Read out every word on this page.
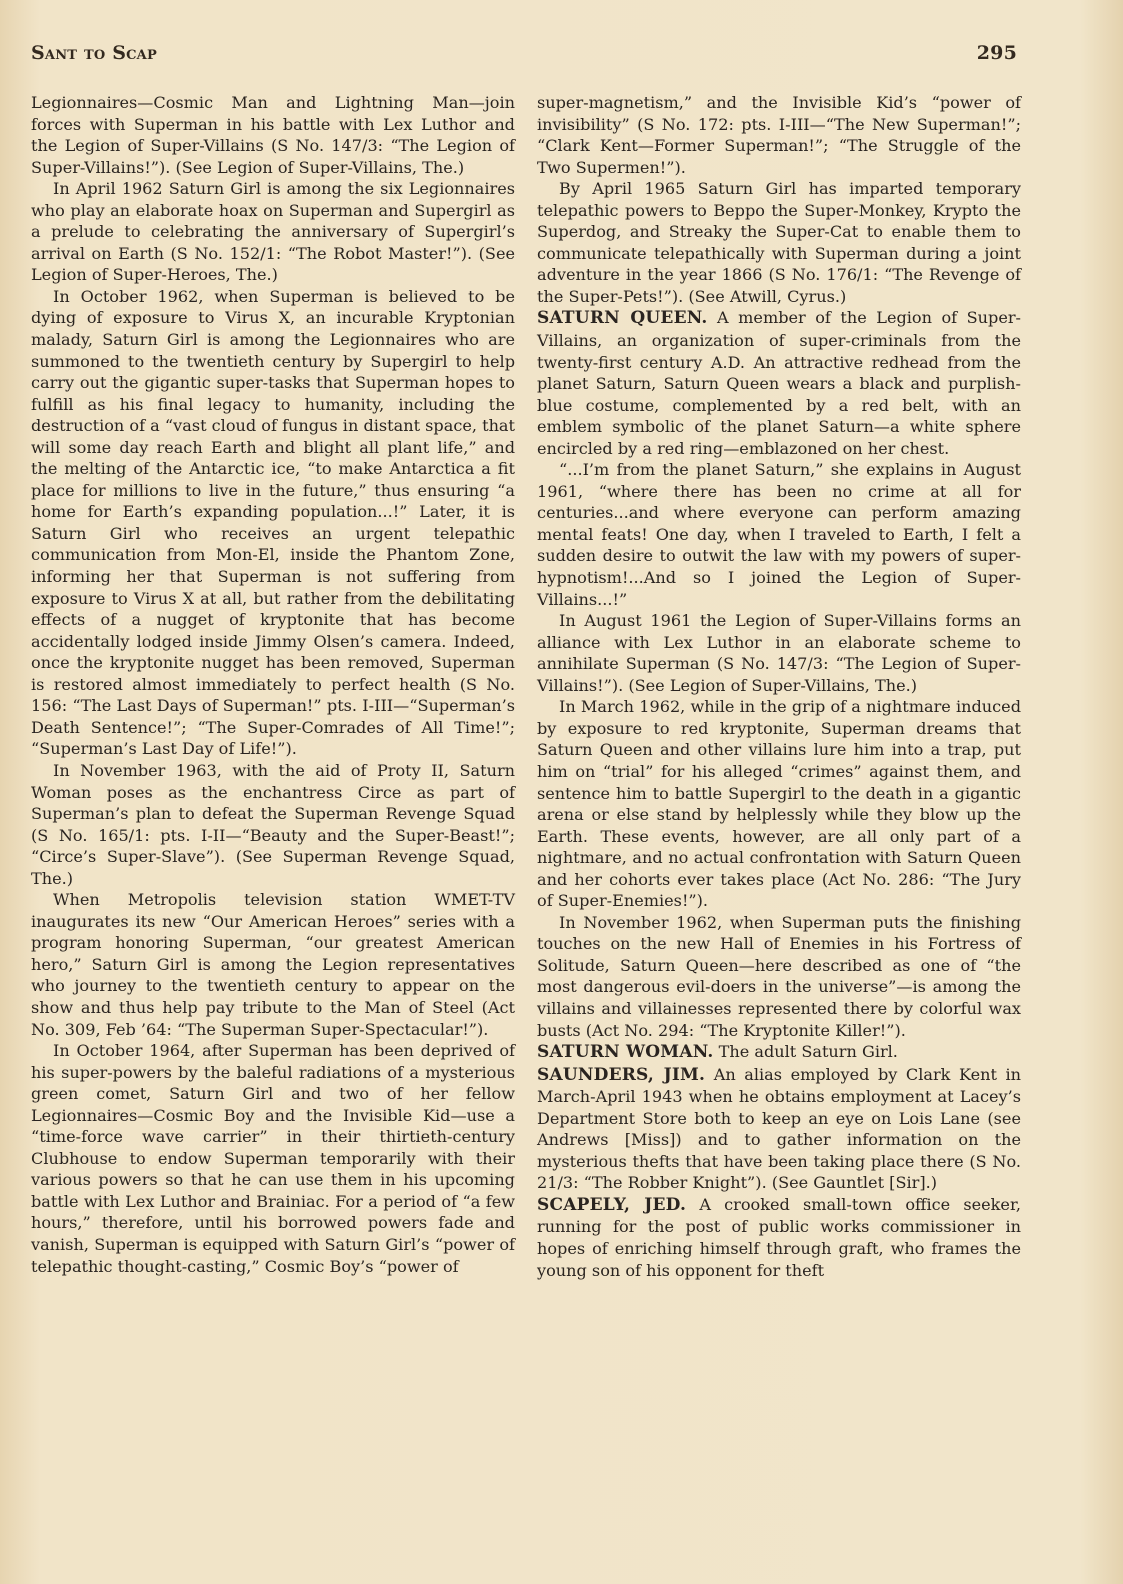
Sant to Scap	295

Legionnaires—Cosmic Man and Lightning Man—join forces with Superman in his battle with Lex Luthor and the Legion of Super-Villains (S No. 147/3: “The Legion of Super-Villains!”). (See Legion of Super-Villains, The.)

In April 1962 Saturn Girl is among the six Legionnaires who play an elaborate hoax on Superman and Supergirl as a prelude to celebrating the anniversary of Supergirl’s arrival on Earth (S No. 152/1: “The Robot Master!”). (See Legion of Super-Heroes, The.)

In October 1962, when Superman is believed to be dying of exposure to Virus X, an incurable Kryptonian malady, Saturn Girl is among the Legionnaires who are summoned to the twentieth century by Supergirl to help carry out the gigantic super-tasks that Superman hopes to fulfill as his final legacy to humanity, including the destruction of a “vast cloud of fungus in distant space, that will some day reach Earth and blight all plant life,” and the melting of the Antarctic ice, “to make Antarctica a fit place for millions to live in the future,” thus ensuring “a home for Earth’s expanding population...!” Later, it is Saturn Girl who receives an urgent telepathic communication from Mon-El, inside the Phantom Zone, informing her that Superman is not suffering from exposure to Virus X at all, but rather from the debilitating effects of a nugget of kryptonite that has become accidentally lodged inside Jimmy Olsen’s camera. Indeed, once the kryptonite nugget has been removed, Superman is restored almost immediately to perfect health (S No. 156: “The Last Days of Superman!” pts. I-III—“Superman’s Death Sentence!”; “The Super-Comrades of All Time!”; “Superman’s Last Day of Life!”).

In November 1963, with the aid of Proty II, Saturn Woman poses as the enchantress Circe as part of Superman’s plan to defeat the Superman Revenge Squad (S No. 165/1: pts. I-II—“Beauty and the Super-Beast!”; “Circe’s Super-Slave”). (See Superman Revenge Squad, The.)

When Metropolis television station WMET-TV inaugurates its new “Our American Heroes” series with a program honoring Superman, “our greatest American hero,” Saturn Girl is among the Legion representatives who journey to the twentieth century to appear on the show and thus help pay tribute to the Man of Steel (Act No. 309, Feb ’64: “The Superman Super-Spectacular!”).

In October 1964, after Superman has been deprived of his super-powers by the baleful radiations of a mysterious green comet, Saturn Girl and two of her fellow Legionnaires—Cosmic Boy and the Invisible Kid—use a “time-force wave carrier” in their thirtieth-century Clubhouse to endow Superman temporarily with their various powers so that he can use them in his upcoming battle with Lex Luthor and Brainiac. For a period of “a few hours,” therefore, until his borrowed powers fade and vanish, Superman is equipped with Saturn Girl’s “power of telepathic thought-casting,” Cosmic Boy’s “power of

super-magnetism,” and the Invisible Kid’s “power of invisibility” (S No. 172: pts. I-III—“The New Superman!”; “Clark Kent—Former Superman!”; “The Struggle of the Two Supermen!”).

By April 1965 Saturn Girl has imparted temporary telepathic powers to Beppo the Super-Monkey, Krypto the Superdog, and Streaky the Super-Cat to enable them to communicate telepathically with Superman during a joint adventure in the year 1866 (S No. 176/1: “The Revenge of the Super-Pets!”). (See Atwill, Cyrus.)

SATURN QUEEN. A member of the Legion of Super-Villains, an organization of super-criminals from the twenty-first century A.D. An attractive redhead from the planet Saturn, Saturn Queen wears a black and purplish-blue costume, complemented by a red belt, with an emblem symbolic of the planet Saturn—a white sphere encircled by a red ring—emblazoned on her chest.

“...I’m from the planet Saturn,” she explains in August 1961, “where there has been no crime at all for centuries...and where everyone can perform amazing mental feats! One day, when I traveled to Earth, I felt a sudden desire to outwit the law with my powers of super-hypnotism!...And so I joined the Legion of Super-Villains...!”

In August 1961 the Legion of Super-Villains forms an alliance with Lex Luthor in an elaborate scheme to annihilate Superman (S No. 147/3: “The Legion of Super-Villains!”). (See Legion of Super-Villains, The.)

In March 1962, while in the grip of a nightmare induced by exposure to red kryptonite, Superman dreams that Saturn Queen and other villains lure him into a trap, put him on “trial” for his alleged “crimes” against them, and sentence him to battle Supergirl to the death in a gigantic arena or else stand by helplessly while they blow up the Earth. These events, however, are all only part of a nightmare, and no actual confrontation with Saturn Queen and her cohorts ever takes place (Act No. 286: “The Jury of Super-Enemies!”).

In November 1962, when Superman puts the finishing touches on the new Hall of Enemies in his Fortress of Solitude, Saturn Queen—here described as one of “the most dangerous evil-doers in the universe”—is among the villains and villainesses represented there by colorful wax busts (Act No. 294: “The Kryptonite Killer!”).

SATURN WOMAN. The adult Saturn Girl.

SAUNDERS, JIM. An alias employed by Clark Kent in March-April 1943 when he obtains employment at Lacey’s Department Store both to keep an eye on Lois Lane (see Andrews [Miss]) and to gather information on the mysterious thefts that have been taking place there (S No. 21/3: “The Robber Knight”). (See Gauntlet [Sir].)

SCAPELY, JED. A crooked small-town office seeker, running for the post of public works commissioner in hopes of enriching himself through graft, who frames the young son of his opponent for theft
